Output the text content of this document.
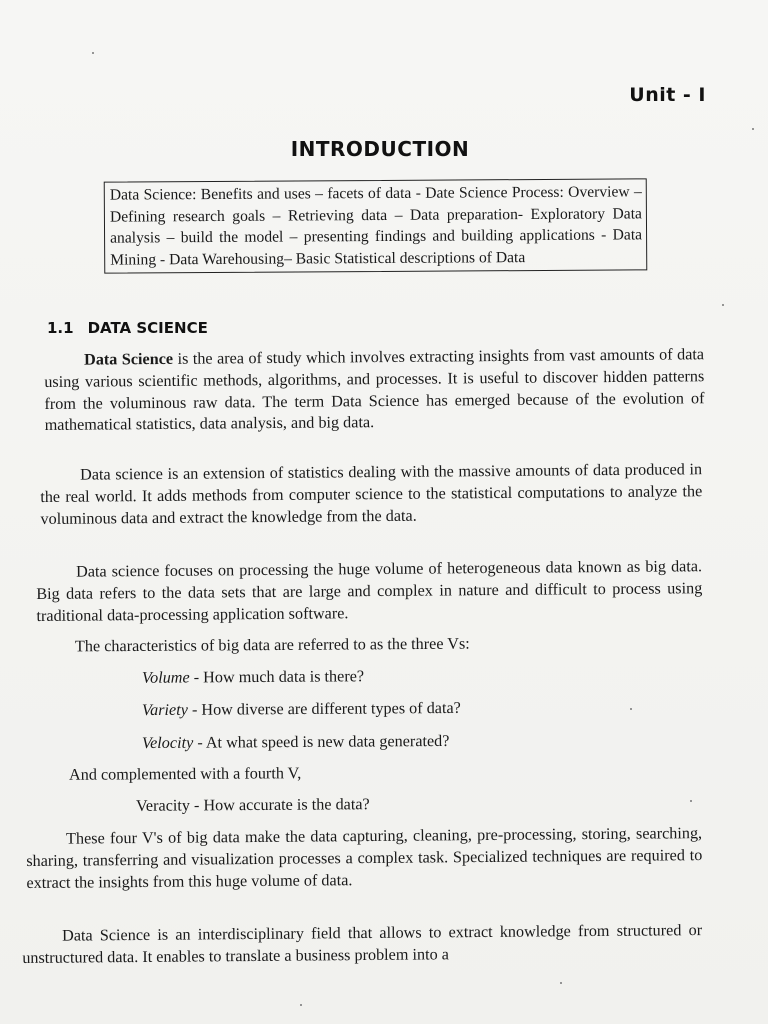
Unit - I
INTRODUCTION
Data Science: Benefits and uses – facets of data - Date Science Process: Overview – Defining research goals – Retrieving data – Data preparation- Exploratory Data analysis – build the model – presenting findings and building applications - Data Mining - Data Warehousing– Basic Statistical descriptions of Data
1.1 DATA SCIENCE
Data Science is the area of study which involves extracting insights from vast amounts of data using various scientific methods, algorithms, and processes. It is useful to discover hidden patterns from the voluminous raw data. The term Data Science has emerged because of the evolution of mathematical statistics, data analysis, and big data.
Data science is an extension of statistics dealing with the massive amounts of data produced in the real world. It adds methods from computer science to the statistical computations to analyze the voluminous data and extract the knowledge from the data.
Data science focuses on processing the huge volume of heterogeneous data known as big data. Big data refers to the data sets that are large and complex in nature and difficult to process using traditional data-processing application software.
The characteristics of big data are referred to as the three Vs:
Volume - How much data is there?
Variety - How diverse are different types of data?
Velocity - At what speed is new data generated?
And complemented with a fourth V,
Veracity - How accurate is the data?
These four V's of big data make the data capturing, cleaning, pre-processing, storing, searching, sharing, transferring and visualization processes a complex task. Specialized techniques are required to extract the insights from this huge volume of data.
Data Science is an interdisciplinary field that allows to extract knowledge from structured or unstructured data. It enables to translate a business problem into a
